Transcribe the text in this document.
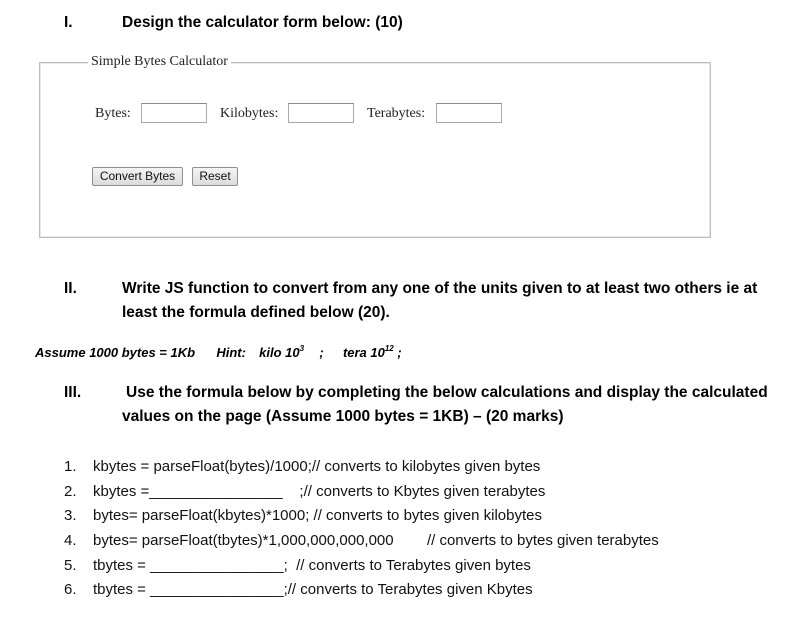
I.	Design the calculator form below: (10)
Simple Bytes Calculator
Bytes:	Kilobytes:	Terabytes:
Convert Bytes	Reset
II.	Write JS function to convert from any one of the units given to at least two others ie at
least the formula defined below (20).
Assume 1000 bytes = 1Kb Hint: kilo $10^3$ ; tera $10^{12}$ ;
III.	Use the formula below by completing the below calculations and display the calculated
values on the page (Assume 1000 bytes = 1KB) – (20 marks)
1. kbytes = parseFloat(bytes)/1000;// converts to kilobytes given bytes
2. kbytes =________________    ;// converts to Kbytes given terabytes
3. bytes= parseFloat(kbytes)*1000; // converts to bytes given kilobytes
4. bytes= parseFloat(tbytes)*1,000,000,000,000        // converts to bytes given terabytes
5. tbytes = ________________;  // converts to Terabytes given bytes
6. tbytes = ________________;// converts to Terabytes given Kbytes
